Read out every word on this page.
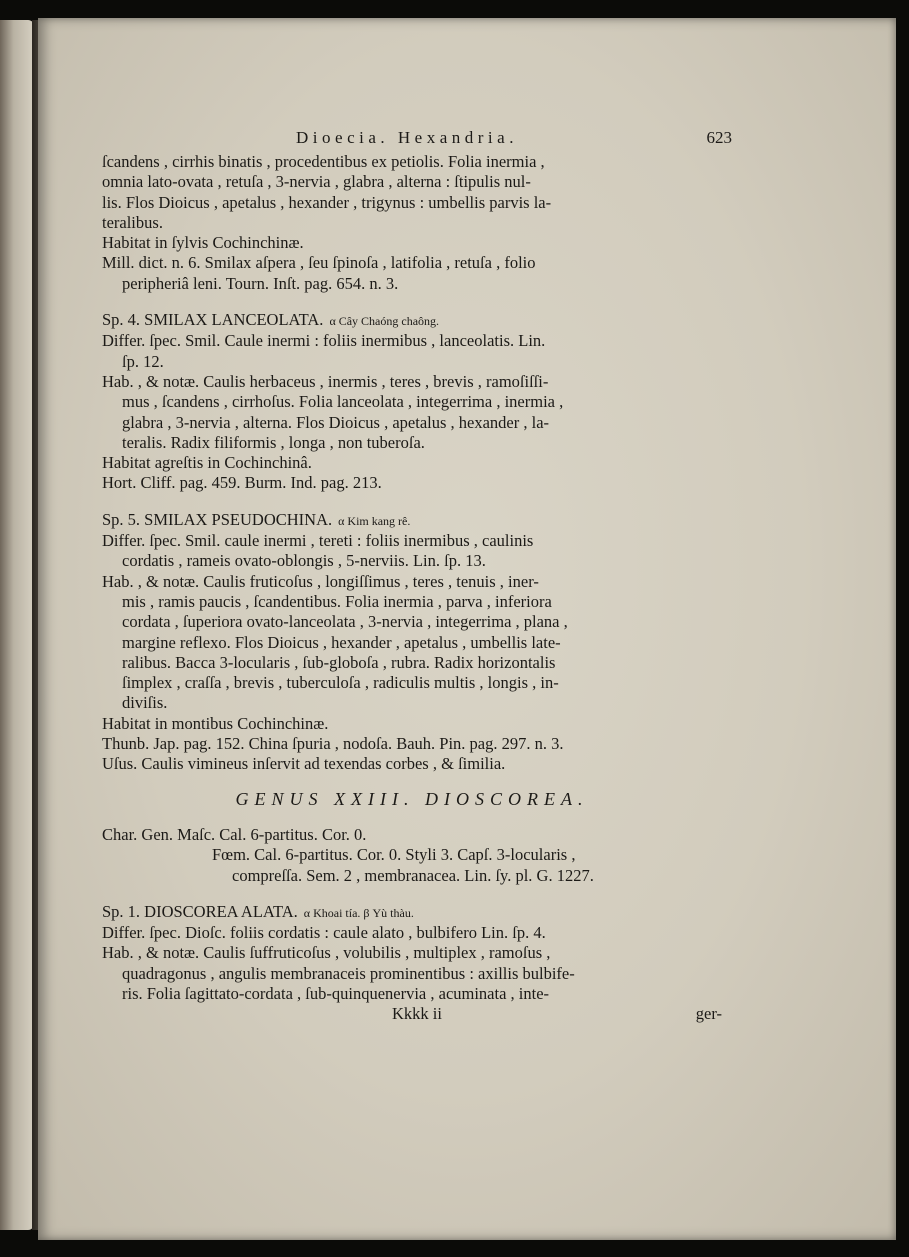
Dioecia. Hexandria.	623

ſcandens , cirrhis binatis , procedentibus ex petiolis. Folia inermia ,

omnia lato-ovata , retuſa , 3-nervia , glabra , alterna : ſtipulis nul-

lis. Flos Dioicus , apetalus , hexander , trigynus : umbellis parvis la-

teralibus.

Habitat in ſylvis Cochinchinæ.

Mill. dict. n. 6. Smilax aſpera , ſeu ſpinoſa , latifolia , retuſa , folio

peripheriâ leni. Tourn. Inſt. pag. 654. n. 3.

Sp. 4. SMILAX LANCEOLATA. α Cây Chaóng chaông.

Differ. ſpec. Smil. Caule inermi : foliis inermibus , lanceolatis. Lin.

ſp. 12.

Hab. , & notæ. Caulis herbaceus , inermis , teres , brevis , ramoſiſſi-

mus , ſcandens , cirrhoſus. Folia lanceolata , integerrima , inermia ,

glabra , 3-nervia , alterna. Flos Dioicus , apetalus , hexander , la-

teralis. Radix filiformis , longa , non tuberoſa.

Habitat agreſtis in Cochinchinâ.

Hort. Cliff. pag. 459. Burm. Ind. pag. 213.

Sp. 5. SMILAX PSEUDOCHINA. α Kim kang rê.

Differ. ſpec. Smil. caule inermi , tereti : foliis inermibus , caulinis

cordatis , rameis ovato-oblongis , 5-nerviis. Lin. ſp. 13.

Hab. , & notæ. Caulis fruticoſus , longiſſimus , teres , tenuis , iner-

mis , ramis paucis , ſcandentibus. Folia inermia , parva , inferiora

cordata , ſuperiora ovato-lanceolata , 3-nervia , integerrima , plana ,

margine reflexo. Flos Dioicus , hexander , apetalus , umbellis late-

ralibus. Bacca 3-locularis , ſub-globoſa , rubra. Radix horizontalis

ſimplex , craſſa , brevis , tuberculoſa , radiculis multis , longis , in-

diviſis.

Habitat in montibus Cochinchinæ.

Thunb. Jap. pag. 152. China ſpuria , nodoſa. Bauh. Pin. pag. 297. n. 3.

Uſus. Caulis vimineus inſervit ad texendas corbes , & ſimilia.

GENUS XXIII. DIOSCOREA.

Char. Gen. Maſc. Cal. 6-partitus. Cor. 0.

Fœm. Cal. 6-partitus. Cor. 0. Styli 3. Capſ. 3-locularis ,

compreſſa. Sem. 2 , membranacea. Lin. ſy. pl. G. 1227.

Sp. 1. DIOSCOREA ALATA. α Khoai tía. β Yù thàu.

Differ. ſpec. Dioſc. foliis cordatis : caule alato , bulbifero Lin. ſp. 4.

Hab. , & notæ. Caulis ſuffruticoſus , volubilis , multiplex , ramoſus ,

quadragonus , angulis membranaceis prominentibus : axillis bulbife-

ris. Folia ſagittato-cordata , ſub-quinquenervia , acuminata , inte-

Kkkk ii	ger-
